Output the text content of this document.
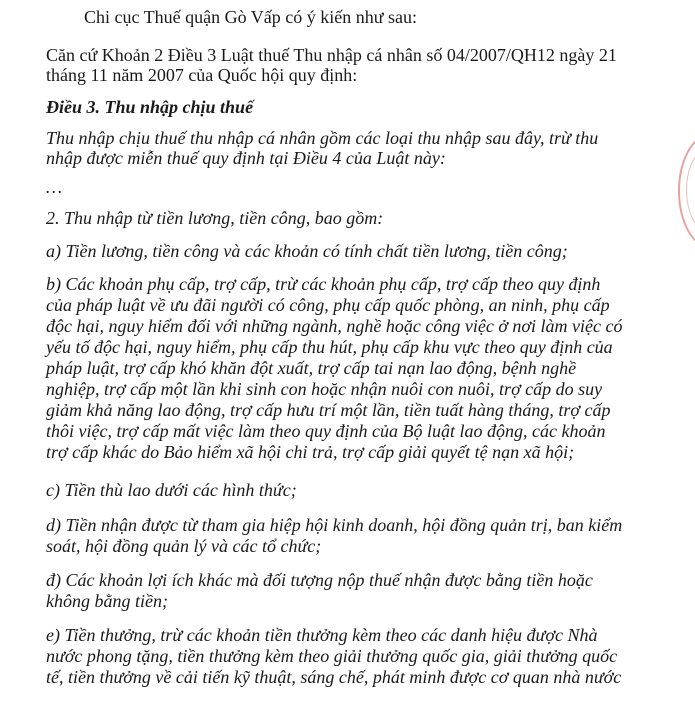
Chi cục Thuế quận Gò Vấp có ý kiến như sau:
Căn cứ Khoản 2 Điều 3 Luật thuế Thu nhập cá nhân số 04/2007/QH12 ngày 21
tháng 11 năm 2007 của Quốc hội quy định:
Điều 3. Thu nhập chịu thuế
Thu nhập chịu thuế thu nhập cá nhân gồm các loại thu nhập sau đây, trừ thu
nhập được miễn thuế quy định tại Điều 4 của Luật này:
…
2. Thu nhập từ tiền lương, tiền công, bao gồm:
a) Tiền lương, tiền công và các khoản có tính chất tiền lương, tiền công;
b) Các khoản phụ cấp, trợ cấp, trừ các khoản phụ cấp, trợ cấp theo quy định
của pháp luật về ưu đãi người có công, phụ cấp quốc phòng, an ninh, phụ cấp
độc hại, nguy hiểm đối với những ngành, nghề hoặc công việc ở nơi làm việc có
yếu tố độc hại, nguy hiểm, phụ cấp thu hút, phụ cấp khu vực theo quy định của
pháp luật, trợ cấp khó khăn đột xuất, trợ cấp tai nạn lao động, bệnh nghề
nghiệp, trợ cấp một lần khi sinh con hoặc nhận nuôi con nuôi, trợ cấp do suy
giảm khả năng lao động, trợ cấp hưu trí một lần, tiền tuất hàng tháng, trợ cấp
thôi việc, trợ cấp mất việc làm theo quy định của Bộ luật lao động, các khoản
trợ cấp khác do Bảo hiểm xã hội chi trả, trợ cấp giải quyết tệ nạn xã hội;
c) Tiền thù lao dưới các hình thức;
d) Tiền nhận được từ tham gia hiệp hội kinh doanh, hội đồng quản trị, ban kiểm
soát, hội đồng quản lý và các tổ chức;
đ) Các khoản lợi ích khác mà đối tượng nộp thuế nhận được bằng tiền hoặc
không bằng tiền;
e) Tiền thưởng, trừ các khoản tiền thưởng kèm theo các danh hiệu được Nhà
nước phong tặng, tiền thưởng kèm theo giải thưởng quốc gia, giải thưởng quốc
tế, tiền thưởng về cải tiến kỹ thuật, sáng chế, phát minh được cơ quan nhà nước
